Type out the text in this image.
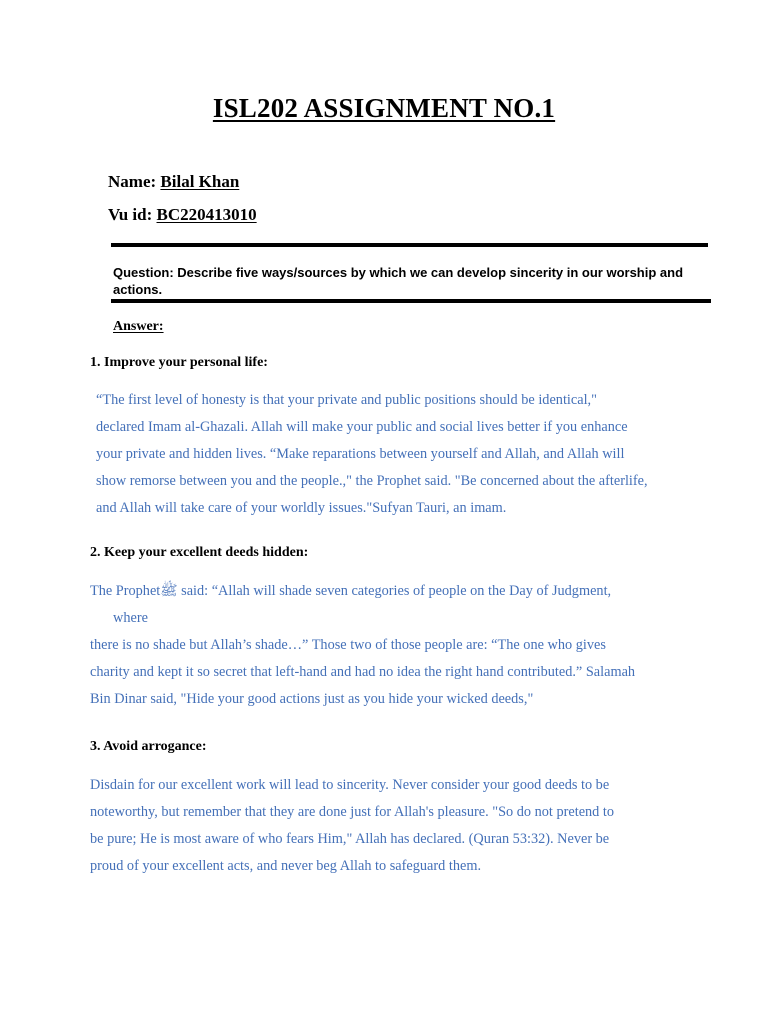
ISL202 ASSIGNMENT NO.1
Name: Bilal Khan
Vu id: BC220413010
Question: Describe five ways/sources by which we can develop sincerity in our worship and actions.
Answer:
1. Improve your personal life:
“The first level of honesty is that your private and public positions should be identical,"
declared Imam al-Ghazali. Allah will make your public and social lives better if you enhance
your private and hidden lives. “Make reparations between yourself and Allah, and Allah will
show remorse between you and the people.," the Prophet said. "Be concerned about the afterlife,
and Allah will take care of your worldly issues."Sufyan Tauri, an imam.
2. Keep your excellent deeds hidden:
The Prophetﷺ said: “Allah will shade seven categories of people on the Day of Judgment,
where
there is no shade but Allah’s shade…” Those two of those people are: “The one who gives
charity and kept it so secret that left-hand and had no idea the right hand contributed.” Salamah
Bin Dinar said, "Hide your good actions just as you hide your wicked deeds,"
3. Avoid arrogance:
Disdain for our excellent work will lead to sincerity. Never consider your good deeds to be
noteworthy, but remember that they are done just for Allah's pleasure. "So do not pretend to
be pure; He is most aware of who fears Him," Allah has declared. (Quran 53:32). Never be
proud of your excellent acts, and never beg Allah to safeguard them.
